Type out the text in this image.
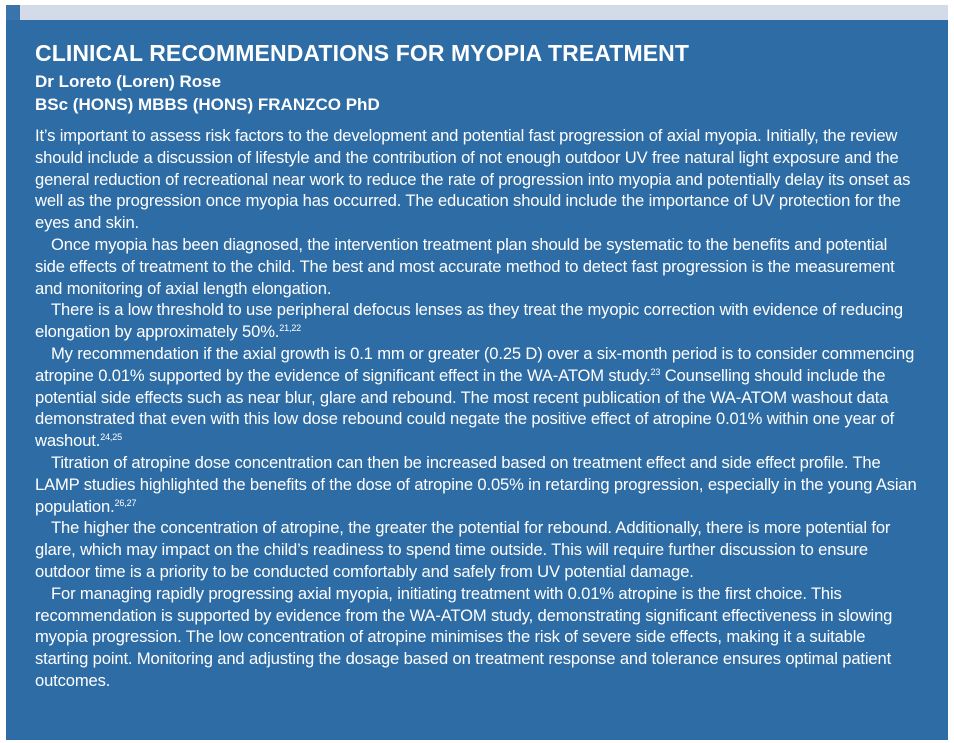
CLINICAL RECOMMENDATIONS FOR MYOPIA TREATMENT

Dr Loreto (Loren) Rose

BSc (HONS) MBBS (HONS) FRANZCO PhD

It’s important to assess risk factors to the development and potential fast progression of axial myopia. Initially, the review should include a discussion of lifestyle and the contribution of not enough outdoor UV free natural light exposure and the general reduction of recreational near work to reduce the rate of progression into myopia and potentially delay its onset as well as the progression once myopia has occurred. The education should include the importance of UV protection for the eyes and skin.

Once myopia has been diagnosed, the intervention treatment plan should be systematic to the benefits and potential side effects of treatment to the child. The best and most accurate method to detect fast progression is the measurement and monitoring of axial length elongation.

There is a low threshold to use peripheral defocus lenses as they treat the myopic correction with evidence of reducing elongation by approximately 50%.$^{21,22}$

My recommendation if the axial growth is 0.1 mm or greater (0.25 D) over a six-month period is to consider commencing atropine 0.01% supported by the evidence of significant effect in the WA-ATOM study.$^{23}$ Counselling should include the potential side effects such as near blur, glare and rebound. The most recent publication of the WA-ATOM washout data demonstrated that even with this low dose rebound could negate the positive effect of atropine 0.01% within one year of washout.$^{24,25}$

Titration of atropine dose concentration can then be increased based on treatment effect and side effect profile. The LAMP studies highlighted the benefits of the dose of atropine 0.05% in retarding progression, especially in the young Asian population.$^{26,27}$

The higher the concentration of atropine, the greater the potential for rebound. Additionally, there is more potential for glare, which may impact on the child’s readiness to spend time outside. This will require further discussion to ensure outdoor time is a priority to be conducted comfortably and safely from UV potential damage.

For managing rapidly progressing axial myopia, initiating treatment with 0.01% atropine is the first choice. This recommendation is supported by evidence from the WA-ATOM study, demonstrating significant effectiveness in slowing myopia progression. The low concentration of atropine minimises the risk of severe side effects, making it a suitable starting point. Monitoring and adjusting the dosage based on treatment response and tolerance ensures optimal patient outcomes.
